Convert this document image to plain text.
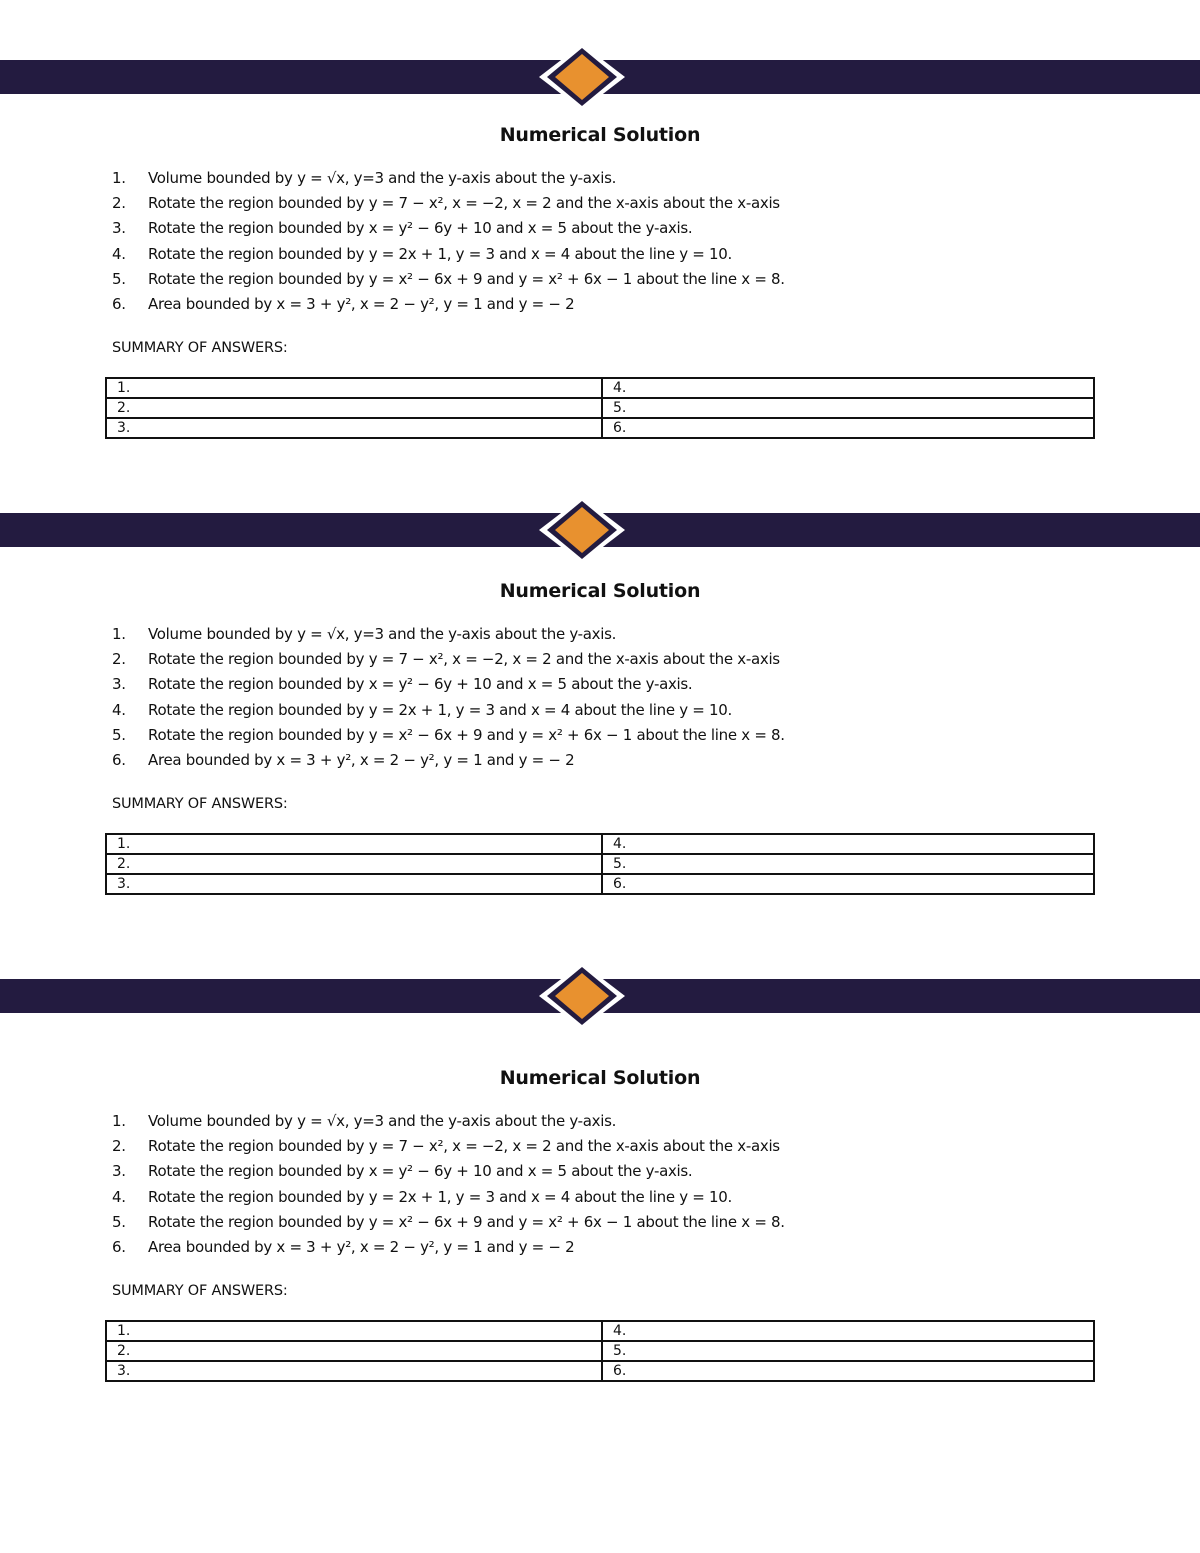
Numerical Solution
1. Volume bounded by y = √x, y=3 and the y-axis about the y-axis.
2. Rotate the region bounded by y = 7 − x², x = −2, x = 2 and the x-axis about the x-axis
3. Rotate the region bounded by x = y² − 6y + 10 and x = 5 about the y-axis.
4. Rotate the region bounded by y = 2x + 1, y = 3 and x = 4 about the line y = 10.
5. Rotate the region bounded by y = x² − 6x + 9 and y = x² + 6x − 1 about the line x = 8.
6. Area bounded by x = 3 + y², x = 2 − y², y = 1 and y = − 2
SUMMARY OF ANSWERS:
1.	4.
2.	5.
3.	6.
Numerical Solution
1. Volume bounded by y = √x, y=3 and the y-axis about the y-axis.
2. Rotate the region bounded by y = 7 − x², x = −2, x = 2 and the x-axis about the x-axis
3. Rotate the region bounded by x = y² − 6y + 10 and x = 5 about the y-axis.
4. Rotate the region bounded by y = 2x + 1, y = 3 and x = 4 about the line y = 10.
5. Rotate the region bounded by y = x² − 6x + 9 and y = x² + 6x − 1 about the line x = 8.
6. Area bounded by x = 3 + y², x = 2 − y², y = 1 and y = − 2
SUMMARY OF ANSWERS:
1.	4.
2.	5.
3.	6.
Numerical Solution
1. Volume bounded by y = √x, y=3 and the y-axis about the y-axis.
2. Rotate the region bounded by y = 7 − x², x = −2, x = 2 and the x-axis about the x-axis
3. Rotate the region bounded by x = y² − 6y + 10 and x = 5 about the y-axis.
4. Rotate the region bounded by y = 2x + 1, y = 3 and x = 4 about the line y = 10.
5. Rotate the region bounded by y = x² − 6x + 9 and y = x² + 6x − 1 about the line x = 8.
6. Area bounded by x = 3 + y², x = 2 − y², y = 1 and y = − 2
SUMMARY OF ANSWERS:
1.	4.
2.	5.
3.	6.
